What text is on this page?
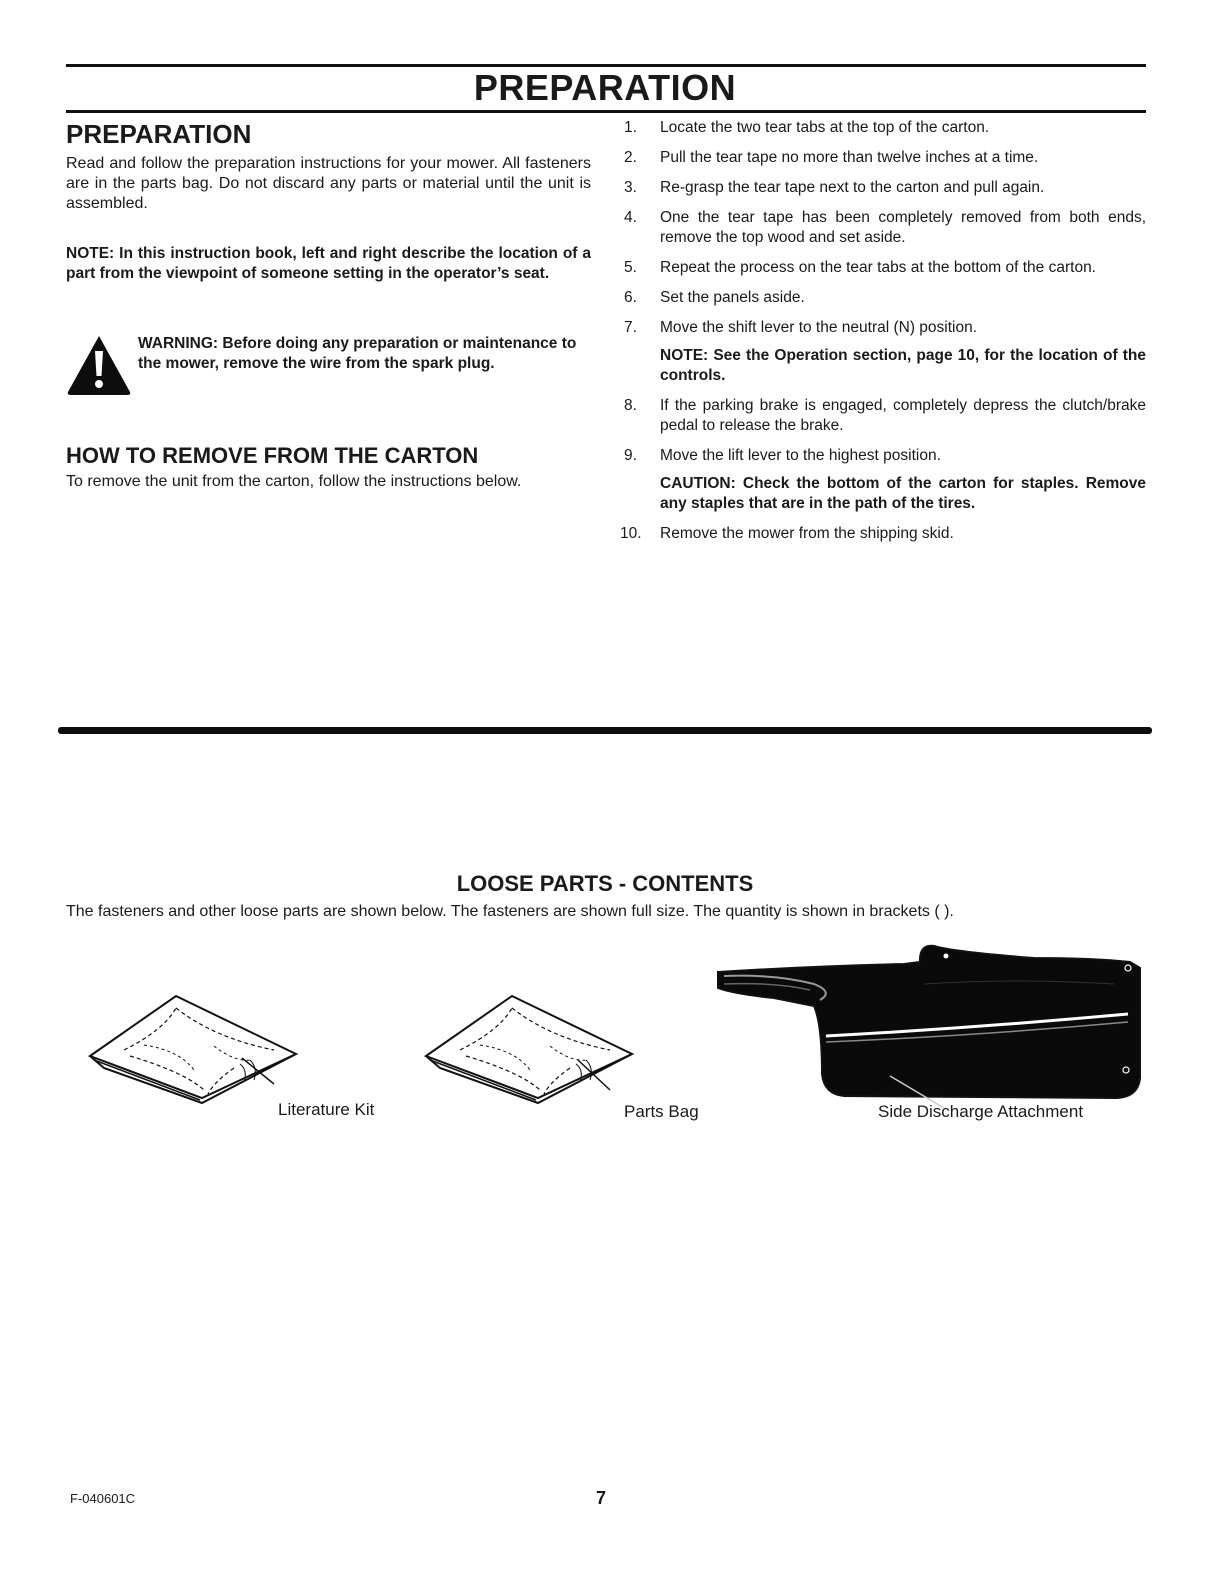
PREPARATION
PREPARATION

Read and follow the preparation instructions for your mower. All fasteners are in the parts bag. Do not discard any parts or material until the unit is assembled.

NOTE: In this instruction book, left and right describe the location of a part from the viewpoint of someone setting in the operator’s seat.

WARNING: Before doing any preparation or maintenance to the mower, remove the wire from the spark plug.
HOW TO REMOVE FROM THE CARTON

To remove the unit from the carton, follow the instructions below.

1. Locate the two tear tabs at the top of the carton.
2. Pull the tear tape no more than twelve inches at a time.
3. Re-grasp the tear tape next to the carton and pull again.
4. One the tear tape has been completely removed from both ends, remove the top wood and set aside.
5. Repeat the process on the tear tabs at the bottom of the carton.
6. Set the panels aside.
7. Move the shift lever to the neutral (N) position.
NOTE: See the Operation section, page 10, for the location of the controls.
8. If the parking brake is engaged, completely depress the clutch/brake pedal to release the brake.
9. Move the lift lever to the highest position.
CAUTION: Check the bottom of the carton for staples. Remove any staples that are in the path of the tires.
10. Remove the mower from the shipping skid.
LOOSE PARTS - CONTENTS
The fasteners and other loose parts are shown below. The fasteners are shown full size. The quantity is shown in brackets ( ).
Literature Kit	Parts Bag	Side Discharge Attachment
F-040601C	7
